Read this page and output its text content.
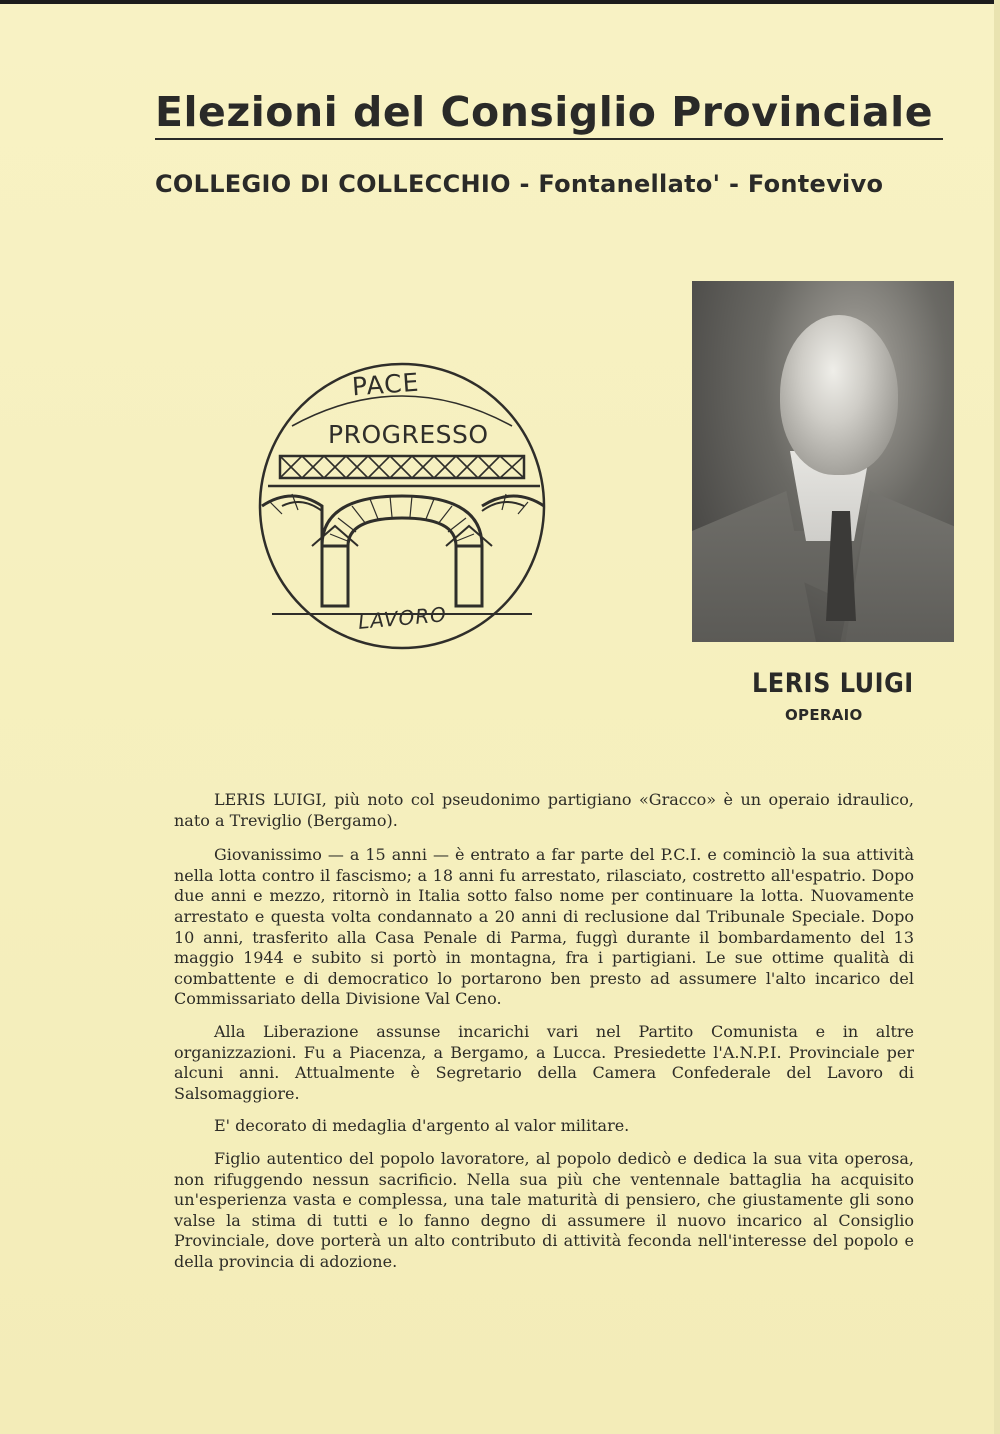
Elezioni del Consiglio Provinciale
COLLEGIO DI COLLECCHIO - Fontanellato' - Fontevivo
PACE
PROGRESSO
LAVORO
LERIS LUIGI
OPERAIO

LERIS LUIGI, più noto col pseudonimo partigiano «Gracco» è un operaio idraulico, nato a Treviglio (Bergamo).

Giovanissimo — a 15 anni — è entrato a far parte del P.C.I. e cominciò la sua attività nella lotta contro il fascismo; a 18 anni fu arrestato, rilasciato, costretto all'espatrio. Dopo due anni e mezzo, ritornò in Italia sotto falso nome per continuare la lotta. Nuovamente arrestato e questa volta condannato a 20 anni di reclusione dal Tribunale Speciale. Dopo 10 anni, trasferito alla Casa Penale di Parma, fuggì durante il bombardamento del 13 maggio 1944 e subito si portò in montagna, fra i partigiani. Le sue ottime qualità di combattente e di democratico lo portarono ben presto ad assumere l'alto incarico del Commissariato della Divisione Val Ceno.

Alla Liberazione assunse incarichi vari nel Partito Comunista e in altre organizzazioni. Fu a Piacenza, a Bergamo, a Lucca. Presiedette l'A.N.P.I. Provinciale per alcuni anni. Attualmente è Segretario della Camera Confederale del Lavoro di Salsomaggiore.

E' decorato di medaglia d'argento al valor militare.

Figlio autentico del popolo lavoratore, al popolo dedicò e dedica la sua vita operosa, non rifuggendo nessun sacrificio. Nella sua più che ventennale battaglia ha acquisito un'esperienza vasta e complessa, una tale maturità di pensiero, che giustamente gli sono valse la stima di tutti e lo fanno degno di assumere il nuovo incarico al Consiglio Provinciale, dove porterà un alto contributo di attività feconda nell'interesse del popolo e della provincia di adozione.
